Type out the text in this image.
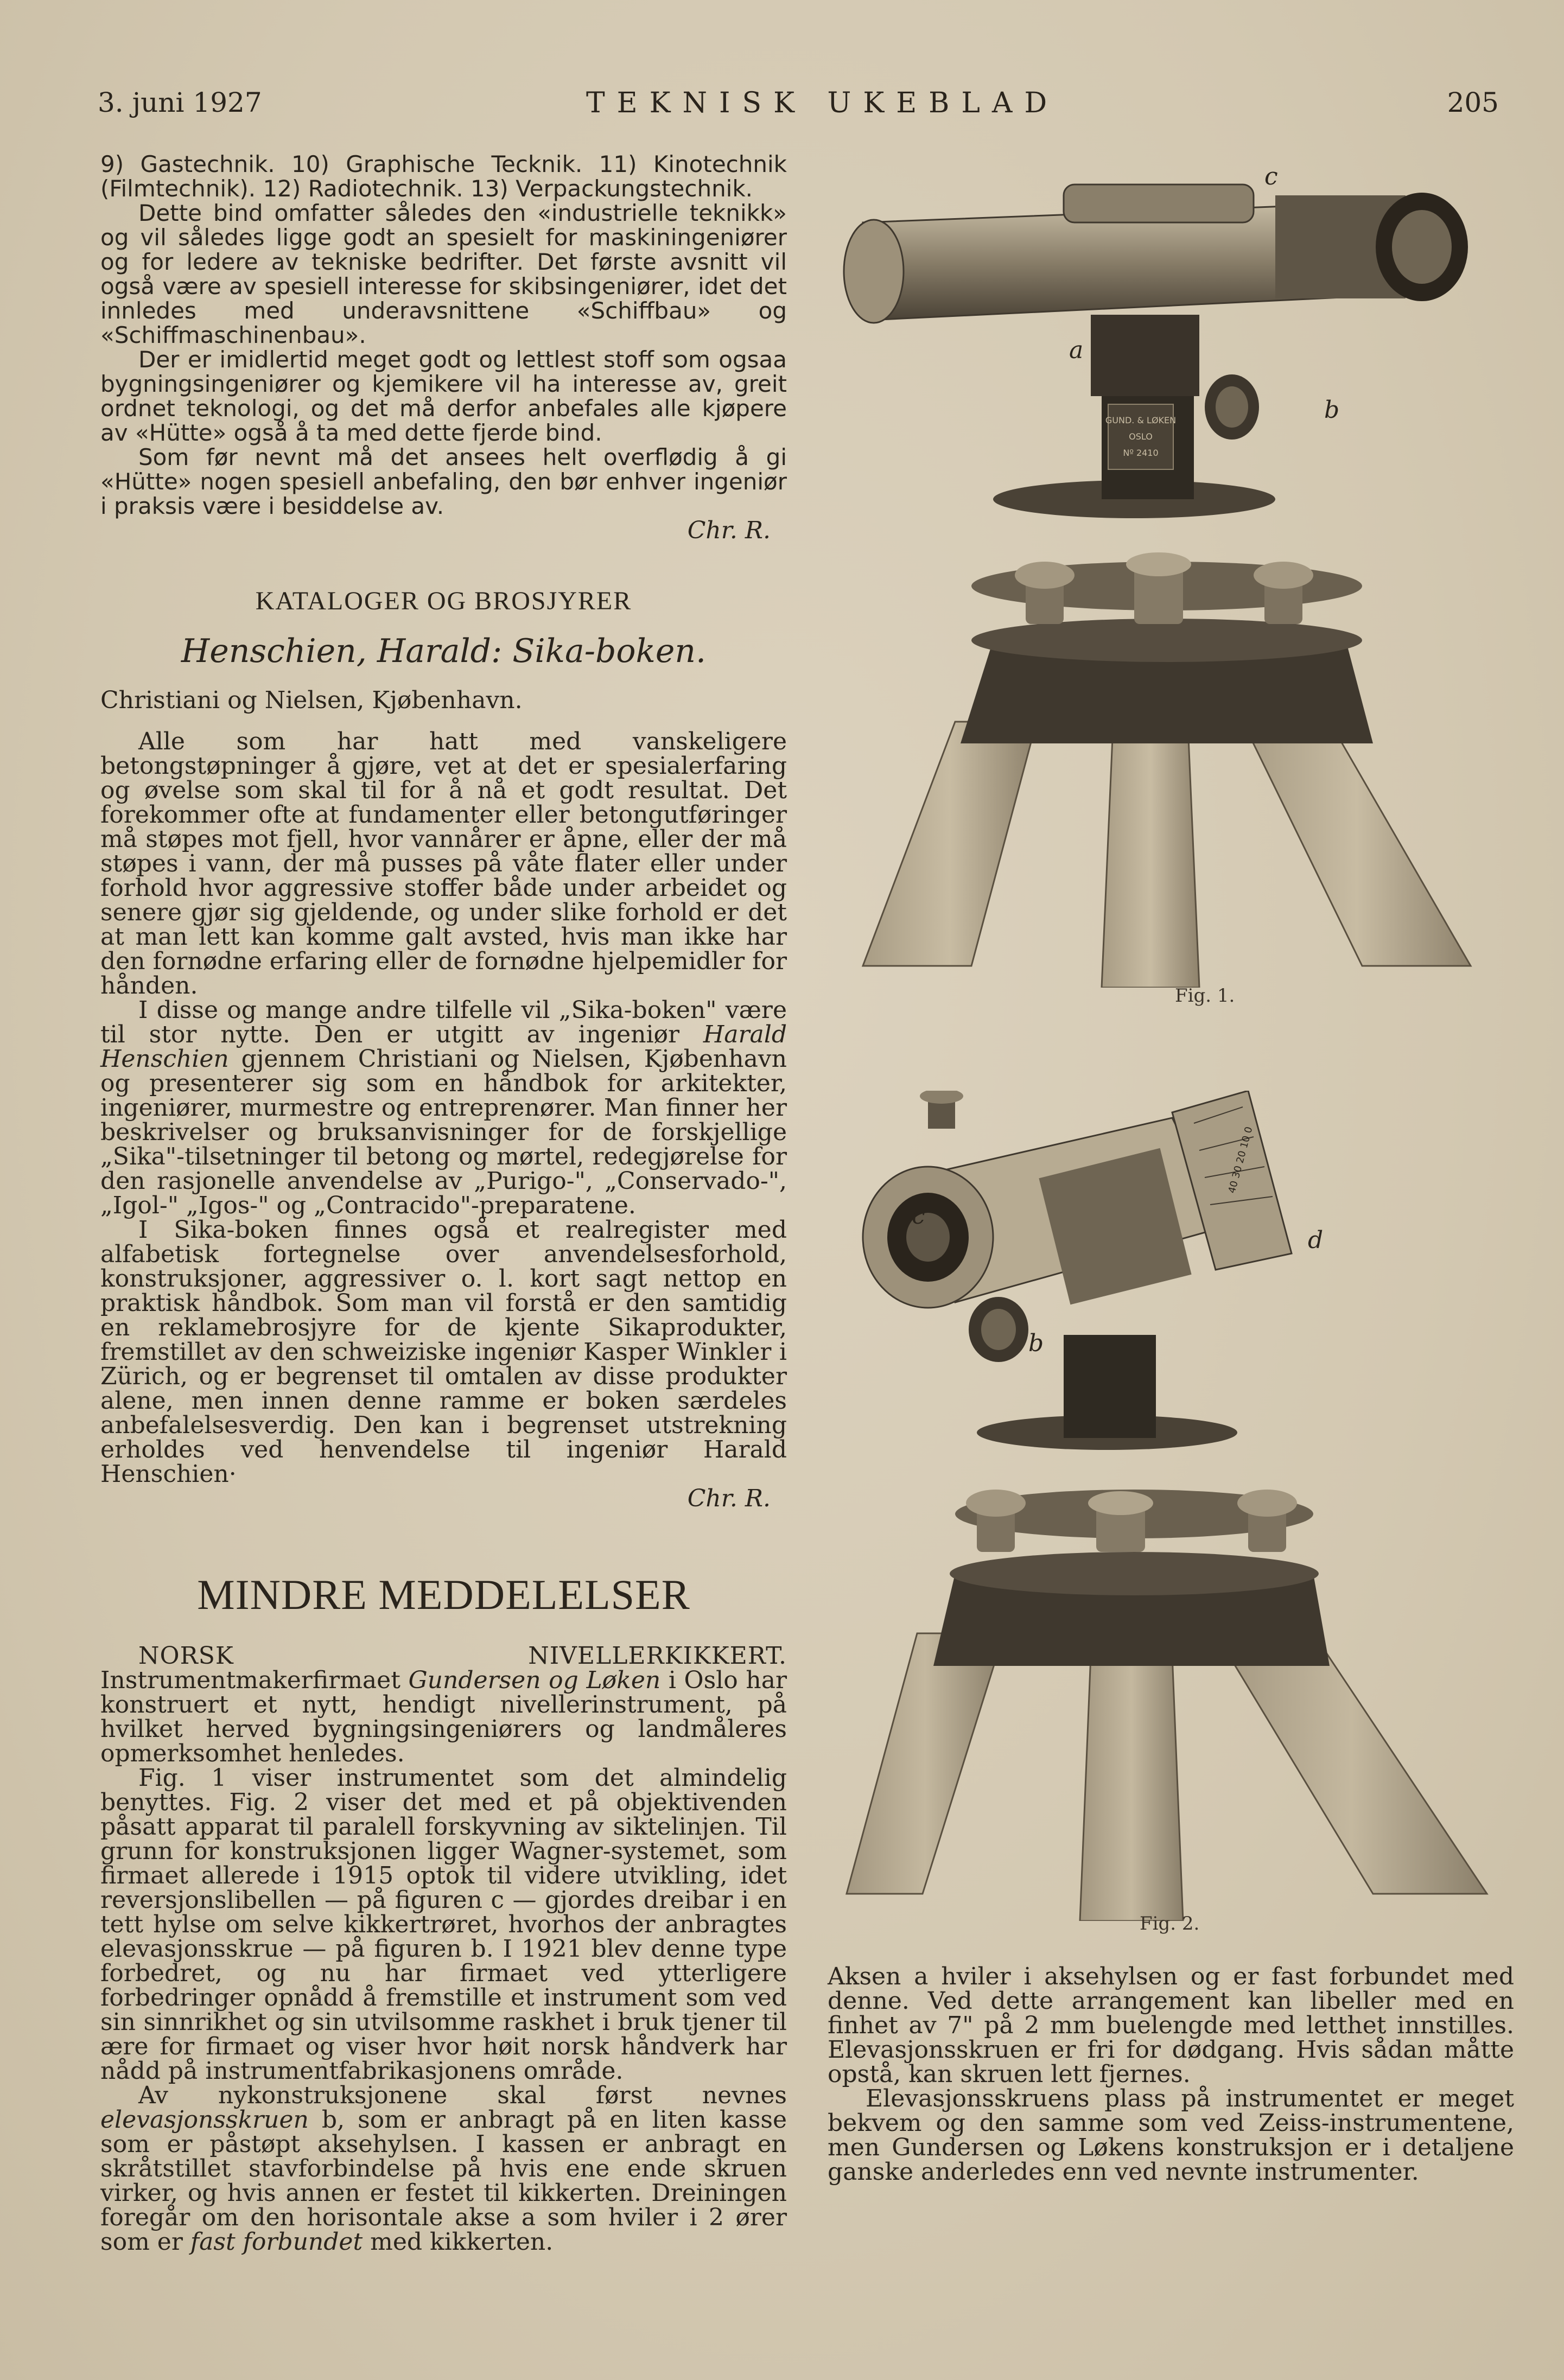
3. juni 1927	TEKNISK UKEBLAD	205

9) Gastechnik. 10) Graphische Tecknik. 11) Kinotechnik (Filmtechnik). 12) Radiotechnik. 13) Verpackungstechnik.

Dette bind omfatter således den «industrielle teknikk» og vil således ligge godt an spesielt for maskiningeniører og for ledere av tekniske bedrifter. Det første avsnitt vil også være av spesiell interesse for skibsingeniører, idet det innledes med underavsnittene «Schiffbau» og «Schiffmaschinenbau».

Der er imidlertid meget godt og lettlest stoff som ogsaa bygningsingeniører og kjemikere vil ha interesse av, greit ordnet teknologi, og det må derfor anbefales alle kjøpere av «Hütte» også å ta med dette fjerde bind.

Som før nevnt må det ansees helt overflødig å gi «Hütte» nogen spesiell anbefaling, den bør enhver ingeniør i praksis være i besiddelse av.

Chr. R.
KATALOGER OG BROSJYRER
Henschien, Harald: Sika-boken.
Christiani og Nielsen, Kjøbenhavn.

Alle som har hatt med vanskeligere betongstøpninger å gjøre, vet at det er spesialerfaring og øvelse som skal til for å nå et godt resultat. Det forekommer ofte at fundamenter eller betongutføringer må støpes mot fjell, hvor vannårer er åpne, eller der må støpes i vann, der må pusses på våte flater eller under forhold hvor aggressive stoffer både under arbeidet og senere gjør sig gjeldende, og under slike forhold er det at man lett kan komme galt avsted, hvis man ikke har den fornødne erfaring eller de fornødne hjelpemidler for hånden.

I disse og mange andre tilfelle vil „Sika-boken" være til stor nytte. Den er utgitt av ingeniør Harald Henschien gjennem Christiani og Nielsen, Kjøbenhavn og presenterer sig som en håndbok for arkitekter, ingeniører, murmestre og entreprenører. Man finner her beskrivelser og bruksanvisninger for de forskjellige „Sika"-tilsetninger til betong og mørtel, redegjørelse for den rasjonelle anvendelse av „Purigo-", „Conservado-", „Igol-" „Igos-" og „Contracido"-preparatene.

I Sika-boken finnes også et realregister med alfabetisk fortegnelse over anvendelsesforhold, konstruksjoner, aggressiver o. l. kort sagt nettop en praktisk håndbok. Som man vil forstå er den samtidig en reklamebrosjyre for de kjente Sikaprodukter, fremstillet av den schweiziske ingeniør Kasper Winkler i Zürich, og er begrenset til omtalen av disse produkter alene, men innen denne ramme er boken særdeles anbefalelsesverdig. Den kan i begrenset utstrekning erholdes ved henvendelse til ingeniør Harald Henschien·

Chr. R.
MINDRE MEDDELELSER

NORSK NIVELLERKIKKERT. Instrumentmakerfirmaet Gundersen og Løken i Oslo har konstruert et nytt, hendigt nivellerinstrument, på hvilket herved bygningsingeniørers og landmåleres opmerksomhet henledes.

Fig. 1 viser instrumentet som det almindelig benyttes. Fig. 2 viser det med et på objektivenden påsatt apparat til paralell forskyvning av siktelinjen. Til grunn for konstruksjonen ligger Wagner-systemet, som firmaet allerede i 1915 optok til videre utvikling, idet reversjonslibellen — på figuren c — gjordes dreibar i en tett hylse om selve kikkertrøret, hvorhos der anbragtes elevasjonsskrue — på figuren b. I 1921 blev denne type forbedret, og nu har firmaet ved ytterligere forbedringer opnådd å fremstille et instrument som ved sin sinnrikhet og sin utvilsomme raskhet i bruk tjener til ære for firmaet og viser hvor høit norsk håndverk har nådd på instrumentfabrikasjonens område.

Av nykonstruksjonene skal først nevnes elevasjonsskruen b, som er anbragt på en liten kasse som er påstøpt aksehylsen. I kassen er anbragt en skråtstillet stavforbindelse på hvis ene ende skruen virker, og hvis annen er festet til kikkerten. Dreiningen foregår om den horisontale akse a som hviler i 2 ører som er fast forbundet med kikkerten.

GUND. & LØKEN
OSLO
Nº 2410
c
a
b
Fig. 1.
40 30 20 10 0
c
d
b
Fig. 2.

Aksen a hviler i aksehylsen og er fast forbundet med denne. Ved dette arrangement kan libeller med en finhet av 7" på 2 mm buelengde med letthet innstilles. Elevasjonsskruen er fri for dødgang. Hvis sådan måtte opstå, kan skruen lett fjernes.

Elevasjonsskruens plass på instrumentet er meget bekvem og den samme som ved Zeiss-instrumentene, men Gundersen og Løkens konstruksjon er i detaljene ganske anderledes enn ved nevnte instrumenter.
